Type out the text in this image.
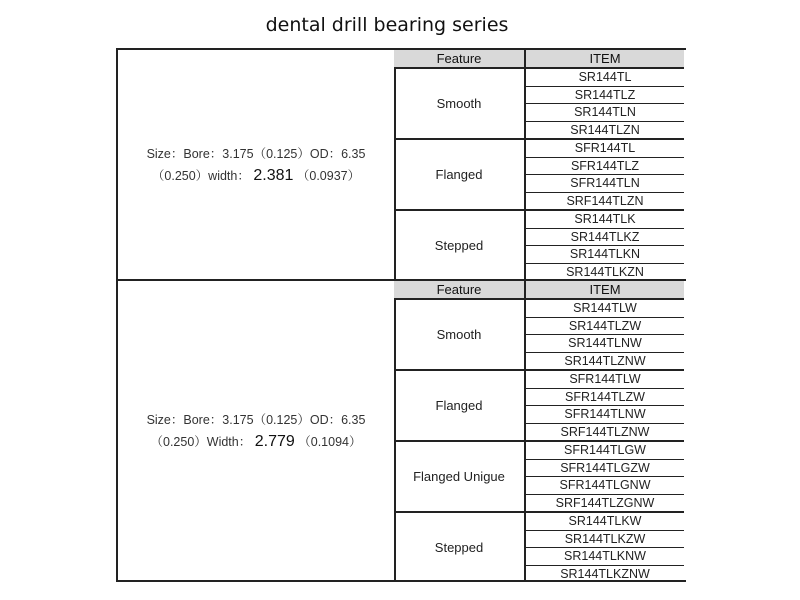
dental drill bearing series
Size：Bore：3.175（0.125）OD：6.35
（0.250）width： 2.381 （0.0937）
Feature	ITEM
Smooth
SR144TL
SR144TLZ
SR144TLN
SR144TLZN
Flanged
SFR144TL
SFR144TLZ
SFR144TLN
SRF144TLZN
Stepped
SR144TLK
SR144TLKZ
SR144TLKN
SR144TLKZN
Size：Bore：3.175（0.125）OD：6.35
（0.250）Width： 2.779 （0.1094）
Feature	ITEM
Smooth
SR144TLW
SR144TLZW
SR144TLNW
SR144TLZNW
Flanged
SFR144TLW
SFR144TLZW
SFR144TLNW
SRF144TLZNW
Flanged Unigue
SFR144TLGW
SFR144TLGZW
SFR144TLGNW
SRF144TLZGNW
Stepped
SR144TLKW
SR144TLKZW
SR144TLKNW
SR144TLKZNW
